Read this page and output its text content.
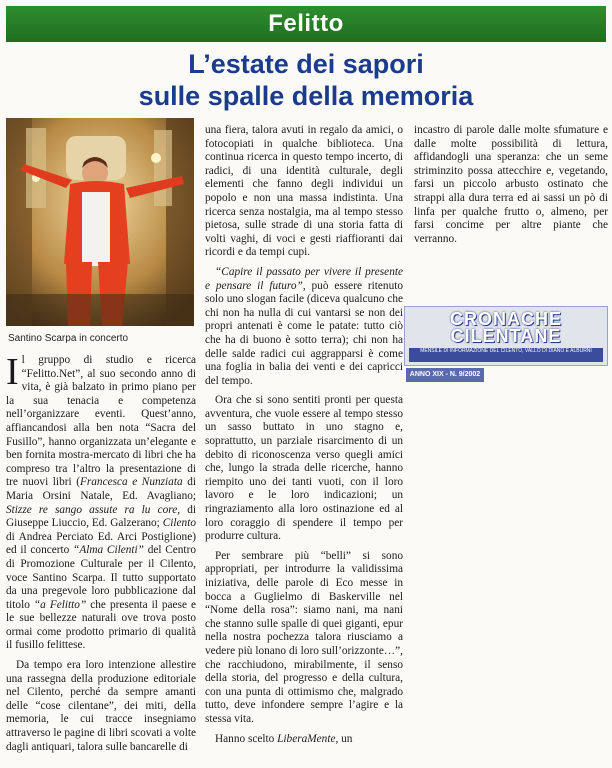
Felitto
L’estate dei sapori
sulle spalle della memoria
Santino Scarpa in concerto

Il gruppo di studio e ricerca “Felitto.Net”, al suo secondo anno di vita, è già balzato in primo piano per la sua tenacia e competenza nell’organizzare eventi. Quest’anno, affiancandosi alla ben nota “Sacra del Fusillo”, hanno organizzata un’elegante e ben fornita mostra-mercato di libri che ha compreso tra l’altro la presentazione di tre nuovi libri (Francesca e Nunziata di Maria Orsini Natale, Ed. Avagliano; Stizze re sango assute ra lu core, di Giuseppe Liuccio, Ed. Galzerano; Cilento di Andrea Perciato Ed. Arci Postiglione) ed il concerto “Alma Cilenti” del Centro di Promozione Culturale per il Cilento, voce Santino Scarpa. Il tutto supportato da una pregevole loro pubblicazione dal titolo “a Felitto” che presenta il paese e le sue bellezze naturali ove trova posto ormai come prodotto primario di qualità il fusillo felittese.

Da tempo era loro intenzione allestire una rassegna della produzione editoriale nel Cilento, perché da sempre amanti delle “cose cilentane”, dei miti, della memoria, le cui tracce insegniamo attraverso le pagine di libri scovati a volte dagli antiquari, talora sulle bancarelle di

una fiera, talora avuti in regalo da amici, o fotocopiati in qualche biblioteca. Una continua ricerca in questo tempo incerto, di radici, di una identità culturale, degli elementi che fanno degli individui un popolo e non una massa indistinta. Una ricerca senza nostalgia, ma al tempo stesso pietosa, sulle strade di una storia fatta di volti vaghi, di voci e gesti riaffioranti dai ricordi e da tempi cupi.

“Capire il passato per vivere il presente e pensare il futuro”, può essere ritenuto solo uno slogan facile (diceva qualcuno che chi non ha nulla di cui vantarsi se non dei propri antenati è come le patate: tutto ciò che ha di buono è sotto terra); chi non ha delle salde radici cui aggrapparsi è come una foglia in balia dei venti e dei capricci del tempo.

Ora che si sono sentiti pronti per questa avventura, che vuole essere al tempo stesso un sasso buttato in uno stagno e, soprattutto, un parziale risarcimento di un debito di riconoscenza verso quegli amici che, lungo la strada delle ricerche, hanno riempito uno dei tanti vuoti, con il loro lavoro e le loro indicazioni; un ringraziamento alla loro ostinazione ed al loro coraggio di spendere il tempo per produrre cultura.

Per sembrare più “belli” si sono appropriati, per introdurre la validissima iniziativa, delle parole di Eco messe in bocca a Guglielmo di Baskerville nel “Nome della rosa”: siamo nani, ma nani che stanno sulle spalle di quei giganti, epur nella nostra pochezza talora riusciamo a vedere più lonano di loro sull’orizzonte…”, che racchiudono, mirabilmente, il senso della storia, del progresso e della cultura, con una punta di ottimismo che, malgrado tutto, deve infondere sempre l’agire e la stessa vita.

Hanno scelto LiberaMente, un

incastro di parole dalle molte sfumature e dalle molte possibilità di lettura, affidandogli una speranza: che un seme striminzito possa attecchire e, vegetando, farsi un piccolo arbusto ostinato che strappi alla dura terra ed ai sassi un pò di linfa per qualche frutto o, almeno, per farsi concime per altre piante che verranno.

CRONACHE
CILENTANE
MENSILE DI INFORMAZIONE DEL CILENTO, VALLO DI DIANO E ALBURNI
ANNO XIX - N. 9/2002
